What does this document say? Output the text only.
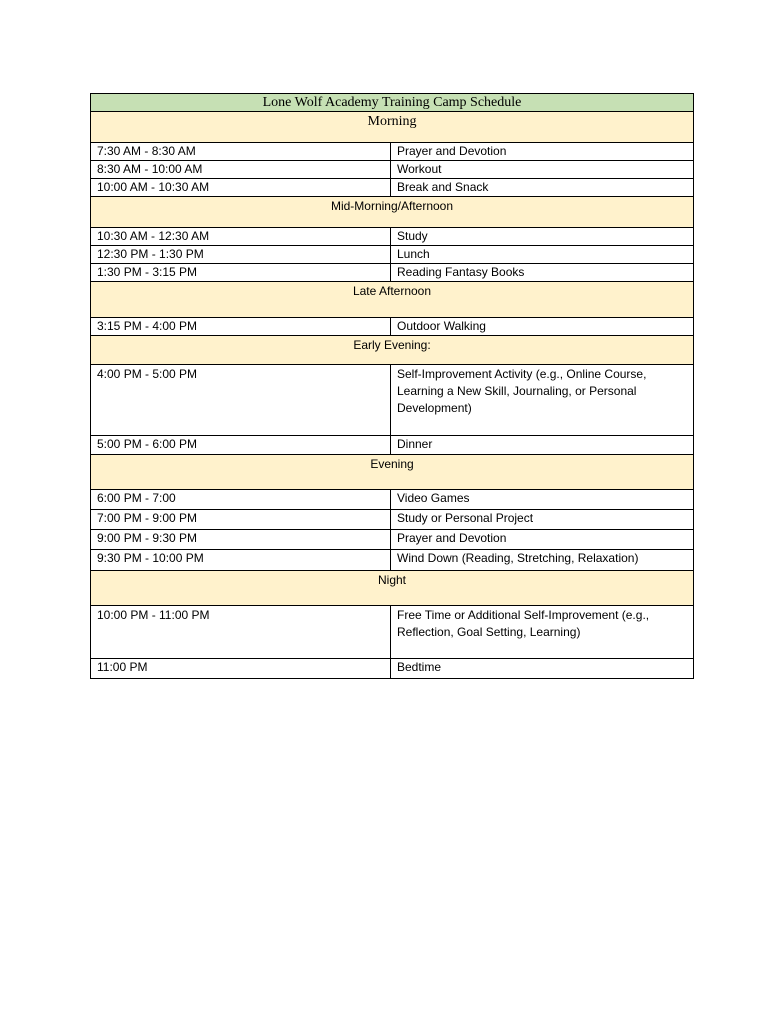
Lone Wolf Academy Training Camp Schedule	
Morning	
7:30 AM - 8:30 AM	Prayer and Devotion
8:30 AM - 10:00 AM	Workout
10:00 AM - 10:30 AM	Break and Snack
Mid-Morning/Afternoon	
10:30 AM - 12:30 AM	Study
12:30 PM - 1:30 PM	Lunch
1:30 PM - 3:15 PM	Reading Fantasy Books
Late Afternoon	
3:15 PM - 4:00 PM	Outdoor Walking
Early Evening:	
4:00 PM - 5:00 PM	Self-Improvement Activity (e.g., Online Course, Learning a New Skill, Journaling, or Personal Development)
5:00 PM - 6:00 PM	Dinner
Evening	
6:00 PM - 7:00	Video Games
7:00 PM - 9:00 PM	Study or Personal Project
9:00 PM - 9:30 PM	Prayer and Devotion
9:30 PM - 10:00 PM	Wind Down (Reading, Stretching, Relaxation)
Night	
10:00 PM - 11:00 PM	Free Time or Additional Self-Improvement (e.g., Reflection, Goal Setting, Learning)
11:00 PM	Bedtime
